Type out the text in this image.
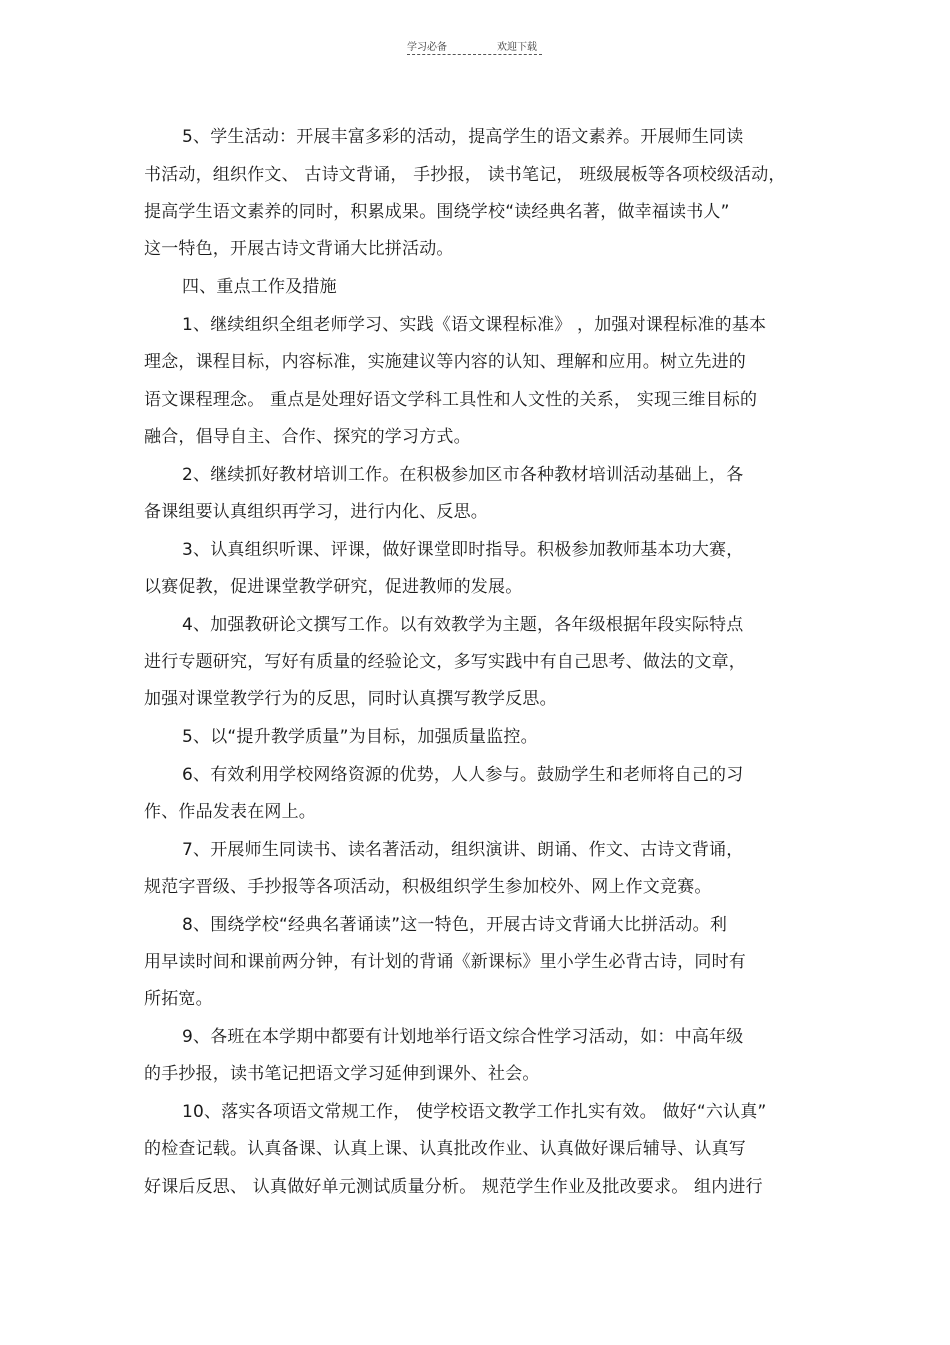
学习必备	欢迎下载
5、学生活动：开展丰富多彩的活动，提高学生的语文素养。开展师生同读
书活动，组织作文、 古诗文背诵， 手抄报， 读书笔记， 班级展板等各项校级活动，
提高学生语文素养的同时，积累成果。围绕学校“读经典名著，做幸福读书人”
这一特色，开展古诗文背诵大比拼活动。
四、重点工作及措施
1、继续组织全组老师学习、实践《语文课程标准》 ，加强对课程标准的基本
理念，课程目标，内容标准，实施建议等内容的认知、理解和应用。树立先进的
语文课程理念。 重点是处理好语文学科工具性和人文性的关系， 实现三维目标的
融合，倡导自主、合作、探究的学习方式。
2、继续抓好教材培训工作。在积极参加区市各种教材培训活动基础上，各
备课组要认真组织再学习，进行内化、反思。
3、认真组织听课、评课，做好课堂即时指导。积极参加教师基本功大赛，
以赛促教，促进课堂教学研究，促进教师的发展。
4、加强教研论文撰写工作。以有效教学为主题，各年级根据年段实际特点
进行专题研究，写好有质量的经验论文，多写实践中有自己思考、做法的文章，
加强对课堂教学行为的反思，同时认真撰写教学反思。
5、以“提升教学质量”为目标，加强质量监控。
6、有效利用学校网络资源的优势，人人参与。鼓励学生和老师将自己的习
作、作品发表在网上。
7、开展师生同读书、读名著活动，组织演讲、朗诵、作文、古诗文背诵，
规范字晋级、手抄报等各项活动，积极组织学生参加校外、网上作文竞赛。
8、围绕学校“经典名著诵读”这一特色，开展古诗文背诵大比拼活动。利
用早读时间和课前两分钟，有计划的背诵《新课标》里小学生必背古诗，同时有
所拓宽。
9、各班在本学期中都要有计划地举行语文综合性学习活动，如：中高年级
的手抄报，读书笔记把语文学习延伸到课外、社会。
10、落实各项语文常规工作， 使学校语文教学工作扎实有效。 做好“六认真”
的检查记载。认真备课、认真上课、认真批改作业、认真做好课后辅导、认真写
好课后反思、 认真做好单元测试质量分析。 规范学生作业及批改要求。 组内进行
